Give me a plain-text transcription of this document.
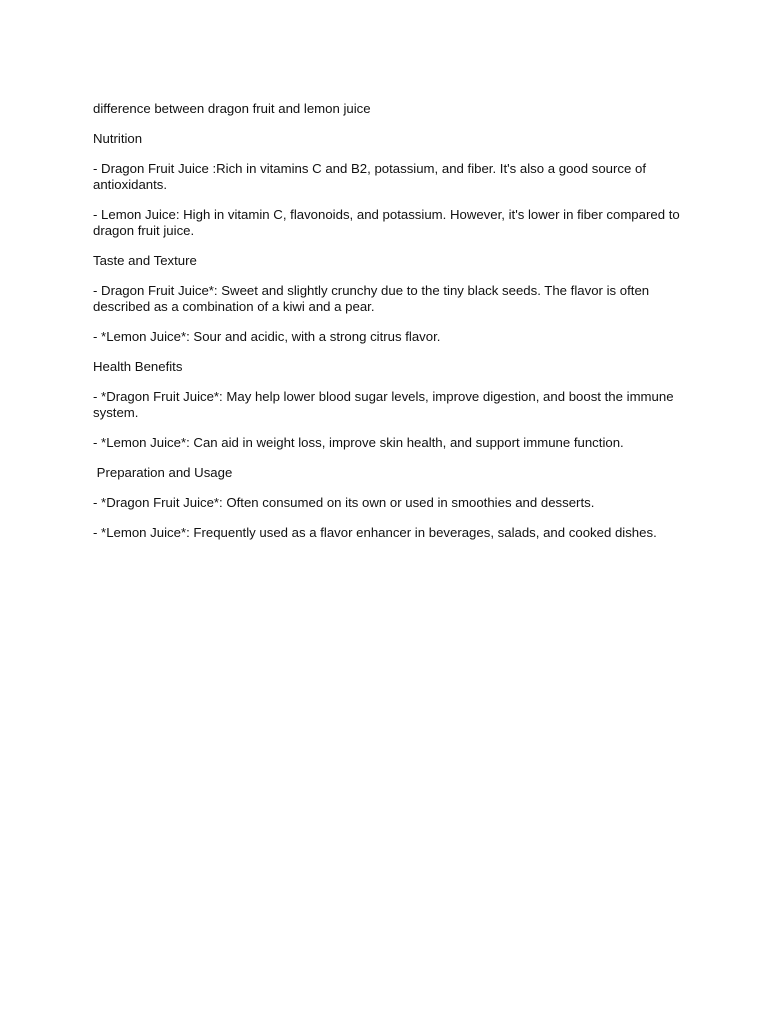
difference between dragon fruit and lemon juice

Nutrition

- Dragon Fruit Juice :Rich in vitamins C and B2, potassium, and fiber. It's also a good source of antioxidants.

- Lemon Juice: High in vitamin C, flavonoids, and potassium. However, it's lower in fiber compared to dragon fruit juice.

Taste and Texture

- Dragon Fruit Juice*: Sweet and slightly crunchy due to the tiny black seeds. The flavor is often described as a combination of a kiwi and a pear.

- *Lemon Juice*: Sour and acidic, with a strong citrus flavor.

Health Benefits

- *Dragon Fruit Juice*: May help lower blood sugar levels, improve digestion, and boost the immune system.

- *Lemon Juice*: Can aid in weight loss, improve skin health, and support immune function.

Preparation and Usage

- *Dragon Fruit Juice*: Often consumed on its own or used in smoothies and desserts.

- *Lemon Juice*: Frequently used as a flavor enhancer in beverages, salads, and cooked dishes.
